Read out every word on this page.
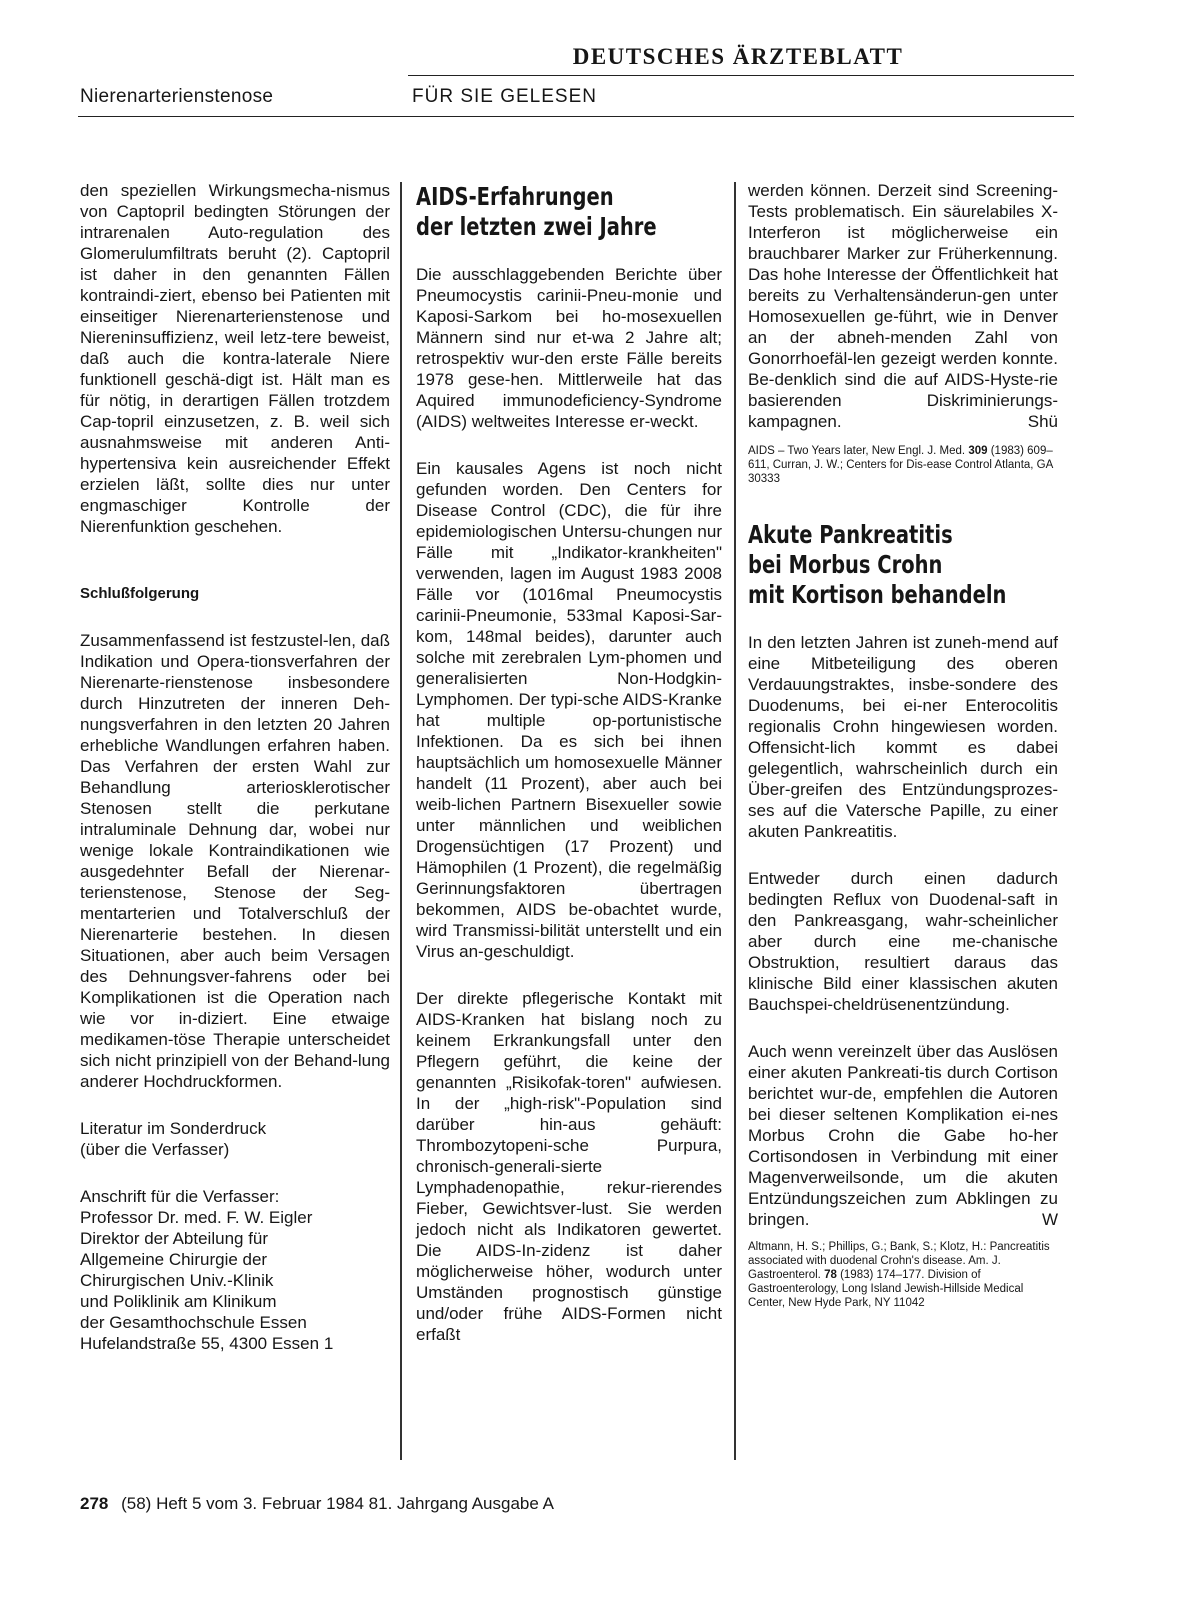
DEUTSCHES ÄRZTEBLATT
Nierenarterienstenose	FÜR SIE GELESEN

den speziellen Wirkungsmecha-nismus von Captopril bedingten Störungen der intrarenalen Auto-regulation des Glomerulumfiltrats beruht (2). Captopril ist daher in den genannten Fällen kontraindi-ziert, ebenso bei Patienten mit einseitiger Nierenarterienstenose und Niereninsuffizienz, weil letz-tere beweist, daß auch die kontra-laterale Niere funktionell geschä-digt ist. Hält man es für nötig, in derartigen Fällen trotzdem Cap-topril einzusetzen, z. B. weil sich ausnahmsweise mit anderen Anti-hypertensiva kein ausreichender Effekt erzielen läßt, sollte dies nur unter engmaschiger Kontrolle der Nierenfunktion geschehen.

Schlußfolgerung

Zusammenfassend ist festzustel-len, daß Indikation und Opera-tionsverfahren der Nierenarte-rienstenose insbesondere durch Hinzutreten der inneren Deh-nungsverfahren in den letzten 20 Jahren erhebliche Wandlungen erfahren haben. Das Verfahren der ersten Wahl zur Behandlung arteriosklerotischer Stenosen stellt die perkutane intraluminale Dehnung dar, wobei nur wenige lokale Kontraindikationen wie ausgedehnter Befall der Nierenar-terienstenose, Stenose der Seg-mentarterien und Totalverschluß der Nierenarterie bestehen. In diesen Situationen, aber auch beim Versagen des Dehnungsver-fahrens oder bei Komplikationen ist die Operation nach wie vor in-diziert. Eine etwaige medikamen-töse Therapie unterscheidet sich nicht prinzipiell von der Behand-lung anderer Hochdruckformen.

Literatur im Sonderdruck
(über die Verfasser)

Anschrift für die Verfasser:
Professor Dr. med. F. W. Eigler
Direktor der Abteilung für
Allgemeine Chirurgie der
Chirurgischen Univ.-Klinik
und Poliklinik am Klinikum
der Gesamthochschule Essen
Hufelandstraße 55, 4300 Essen 1

AIDS-Erfahrungen
der letzten zwei Jahre

Die ausschlaggebenden Berichte über Pneumocystis carinii-Pneu-monie und Kaposi-Sarkom bei ho-mosexuellen Männern sind nur et-wa 2 Jahre alt; retrospektiv wur-den erste Fälle bereits 1978 gese-hen. Mittlerweile hat das Aquired immunodeficiency-Syndrome (AIDS) weltweites Interesse er-weckt.

Ein kausales Agens ist noch nicht gefunden worden. Den Centers for Disease Control (CDC), die für ihre epidemiologischen Untersu-chungen nur Fälle mit „Indikator-krankheiten" verwenden, lagen im August 1983 2008 Fälle vor (1016mal Pneumocystis carinii-Pneumonie, 533mal Kaposi-Sar-kom, 148mal beides), darunter auch solche mit zerebralen Lym-phomen und generalisierten Non-Hodgkin-Lymphomen. Der typi-sche AIDS-Kranke hat multiple op-portunistische Infektionen. Da es sich bei ihnen hauptsächlich um homosexuelle Männer handelt (11 Prozent), aber auch bei weib-lichen Partnern Bisexueller sowie unter männlichen und weiblichen Drogensüchtigen (17 Prozent) und Hämophilen (1 Prozent), die regelmäßig Gerinnungsfaktoren übertragen bekommen, AIDS be-obachtet wurde, wird Transmissi-bilität unterstellt und ein Virus an-geschuldigt.

Der direkte pflegerische Kontakt mit AIDS-Kranken hat bislang noch zu keinem Erkrankungsfall unter den Pflegern geführt, die keine der genannten „Risikofak-toren" aufwiesen. In der „high-risk"-Population sind darüber hin-aus gehäuft: Thrombozytopeni-sche Purpura, chronisch-generali-sierte Lymphadenopathie, rekur-rierendes Fieber, Gewichtsver-lust. Sie werden jedoch nicht als Indikatoren gewertet. Die AIDS-In-zidenz ist daher möglicherweise höher, wodurch unter Umständen prognostisch günstige und/oder frühe AIDS-Formen nicht erfaßt

werden können. Derzeit sind Screening-Tests problematisch. Ein säurelabiles X-Interferon ist möglicherweise ein brauchbarer Marker zur Früherkennung. Das hohe Interesse der Öffentlichkeit hat bereits zu Verhaltensänderun-gen unter Homosexuellen ge-führt, wie in Denver an der abneh-menden Zahl von Gonorrhoefäl-len gezeigt werden konnte. Be-denklich sind die auf AIDS-Hyste-rie basierenden Diskriminierungs-kampagnen.	Shü

AIDS – Two Years later, New Engl. J. Med. 309 (1983) 609–611, Curran, J. W.; Centers for Dis-ease Control Atlanta, GA 30333

Akute Pankreatitis
bei Morbus Crohn
mit Kortison behandeln

In den letzten Jahren ist zuneh-mend auf eine Mitbeteiligung des oberen Verdauungstraktes, insbe-sondere des Duodenums, bei ei-ner Enterocolitis regionalis Crohn hingewiesen worden. Offensicht-lich kommt es dabei gelegentlich, wahrscheinlich durch ein Über-greifen des Entzündungsprozes-ses auf die Vatersche Papille, zu einer akuten Pankreatitis.

Entweder durch einen dadurch bedingten Reflux von Duodenal-saft in den Pankreasgang, wahr-scheinlicher aber durch eine me-chanische Obstruktion, resultiert daraus das klinische Bild einer klassischen akuten Bauchspei-cheldrüsenentzündung.

Auch wenn vereinzelt über das Auslösen einer akuten Pankreati-tis durch Cortison berichtet wur-de, empfehlen die Autoren bei dieser seltenen Komplikation ei-nes Morbus Crohn die Gabe ho-her Cortisondosen in Verbindung mit einer Magenverweilsonde, um die akuten Entzündungszeichen zum Abklingen zu bringen.	W

Altmann, H. S.; Phillips, G.; Bank, S.; Klotz, H.: Pancreatitis associated with duodenal Crohn's disease. Am. J. Gastroenterol. 78 (1983) 174–177. Division of Gastroenterology, Long Island Jewish-Hillside Medical Center, New Hyde Park, NY 11042

278 (58) Heft 5 vom 3. Februar 1984 81. Jahrgang Ausgabe A
